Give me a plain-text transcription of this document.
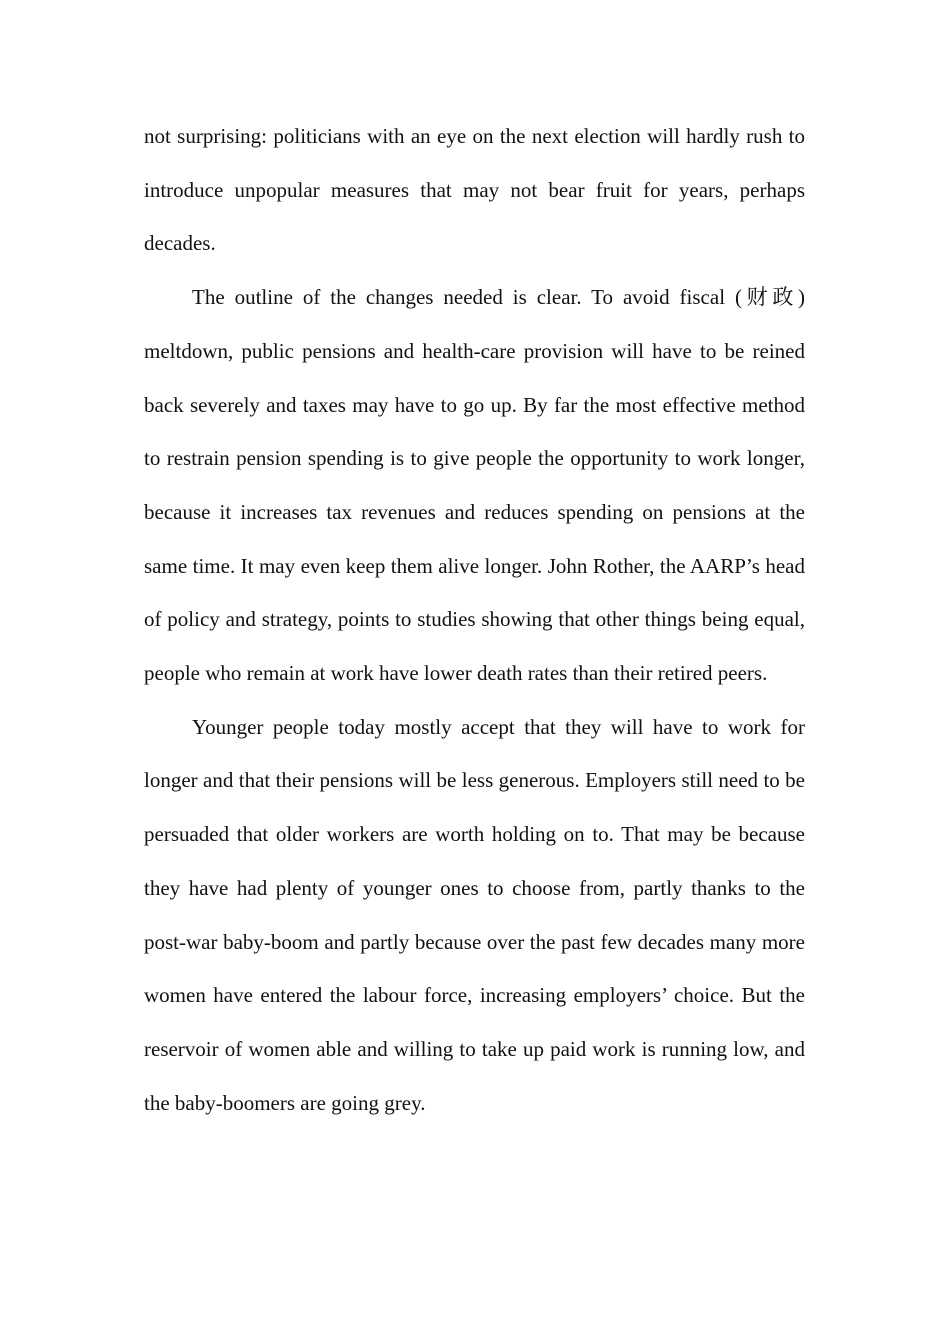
not surprising: politicians with an eye on the next election will hardly rush to introduce unpopular measures that may not bear fruit for years, perhaps decades.

The outline of the changes needed is clear. To avoid fiscal (财政) meltdown, public pensions and health-care provision will have to be reined back severely and taxes may have to go up. By far the most effective method to restrain pension spending is to give people the opportunity to work longer, because it increases tax revenues and reduces spending on pensions at the same time. It may even keep them alive longer. John Rother, the AARP’s head of policy and strategy, points to studies showing that other things being equal, people who remain at work have lower death rates than their retired peers.

Younger people today mostly accept that they will have to work for longer and that their pensions will be less generous. Employers still need to be persuaded that older workers are worth holding on to. That may be because they have had plenty of younger ones to choose from, partly thanks to the post-war baby-boom and partly because over the past few decades many more women have entered the labour force, increasing employers’ choice. But the reservoir of women able and willing to take up paid work is running low, and the baby-boomers are going grey.
